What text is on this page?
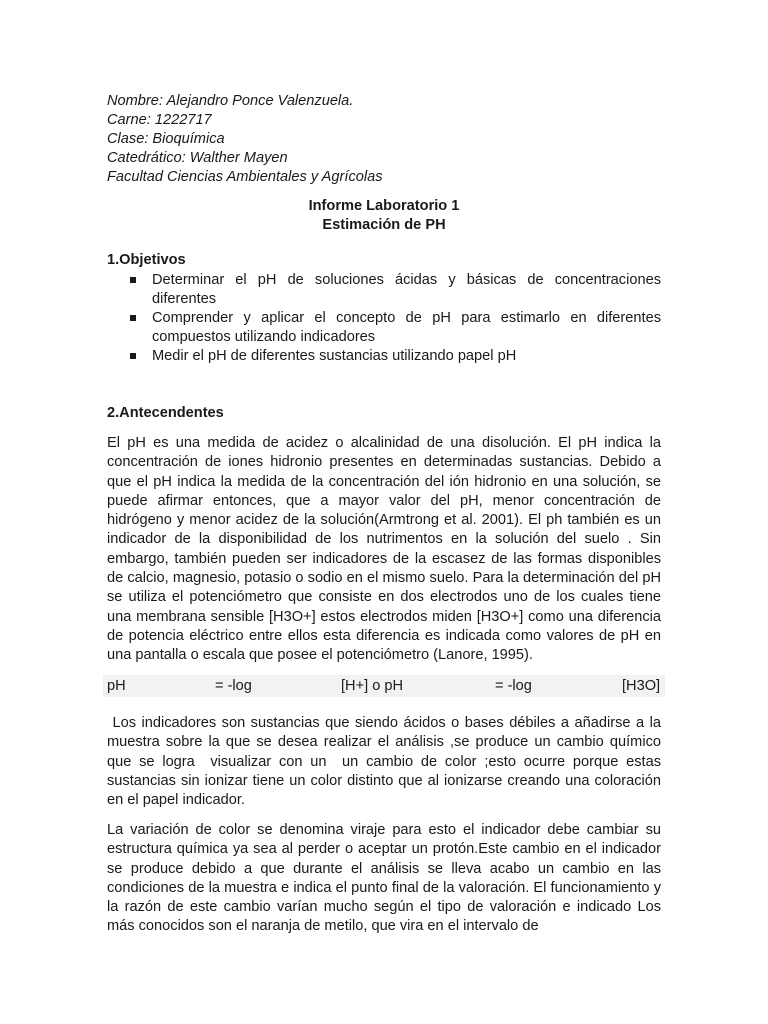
Nombre: Alejandro Ponce Valenzuela.
Carne: 1222717
Clase: Bioquímica
Catedrático: Walther Mayen
Facultad Ciencias Ambientales y Agrícolas
Informe Laboratorio 1
Estimación de PH
1.Objetivos
Determinar el pH de soluciones ácidas y básicas de concentraciones diferentes
Comprender y aplicar el concepto de pH para estimarlo en diferentes compuestos utilizando indicadores
Medir el pH de diferentes sustancias utilizando papel pH
2.Antecendentes
El pH es una medida de acidez o alcalinidad de una disolución. El pH indica la concentración de iones hidronio presentes en determinadas sustancias. Debido a que el pH indica la medida de la concentración del ión hidronio en una solución, se puede afirmar entonces, que a mayor valor del pH, menor concentración de hidrógeno y menor acidez de la solución(Armtrong et al. 2001). El ph también es un indicador de la disponibilidad de los nutrimentos en la solución del suelo . Sin embargo, también pueden ser indicadores de la escasez de las formas disponibles de calcio, magnesio, potasio o sodio en el mismo suelo. Para la determinación del pH se utiliza el potenciómetro que consiste en dos electrodos uno de los cuales tiene una membrana sensible [H3O+] estos electrodos miden [H3O+] como una diferencia de potencia eléctrico entre ellos esta diferencia es indicada como valores de pH en una pantalla o escala que posee el potenciómetro (Lanore, 1995).
pH	= -log	[H+] o pH	= -log	[H3O]
Los indicadores son sustancias que siendo ácidos o bases débiles a añadirse a la muestra sobre la que se desea realizar el análisis ,se produce un cambio químico que se logra  visualizar con un  un cambio de color ;esto ocurre porque estas sustancias sin ionizar tiene un color distinto que al ionizarse creando una coloración en el papel indicador.
La variación de color se denomina viraje para esto el indicador debe cambiar su estructura química ya sea al perder o aceptar un protón.Este cambio en el indicador se produce debido a que durante el análisis se lleva acabo un cambio en las condiciones de la muestra e indica el punto final de la valoración. El funcionamiento y la razón de este cambio varían mucho según el tipo de valoración e indicado Los más conocidos son el naranja de metilo, que vira en el intervalo de
